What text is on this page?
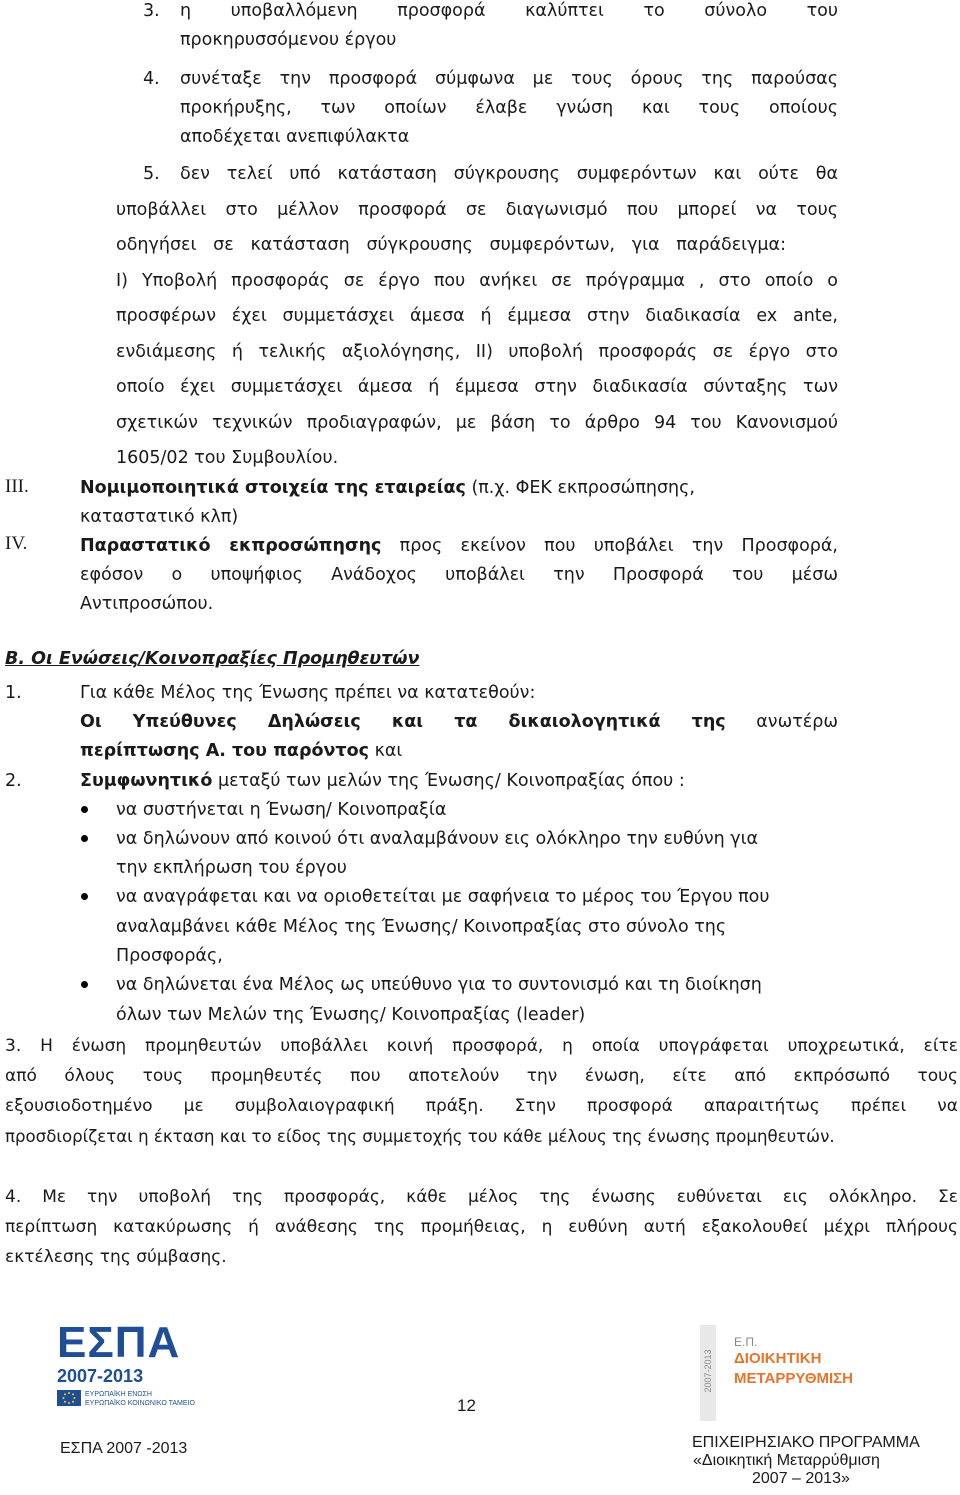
3. η υποβαλλόμενη προσφορά καλύπτει το σύνολο του
προκηρυσσόμενου έργου
4. συνέταξε την προσφορά σύμφωνα με τους όρους της παρούσας
προκήρυξης, των οποίων έλαβε γνώση και τους οποίους
αποδέχεται ανεπιφύλακτα
5. δεν τελεί υπό κατάσταση σύγκρουσης συμφερόντων και ούτε θα
υποβάλλει στο μέλλον προσφορά σε διαγωνισμό που μπορεί να τους
οδηγήσει σε κατάσταση σύγκρουσης συμφερόντων, για παράδειγμα:
I) Υποβολή προσφοράς σε έργο που ανήκει σε πρόγραμμα , στο οποίο ο
προσφέρων έχει συμμετάσχει άμεσα ή έμμεσα στην διαδικασία ex ante,
ενδιάμεσης ή τελικής αξιολόγησης, II) υποβολή προσφοράς σε έργο στο
οποίο έχει συμμετάσχει άμεσα ή έμμεσα στην διαδικασία σύνταξης των
σχετικών τεχνικών προδιαγραφών, με βάση το άρθρο 94 του Κανονισμού
1605/02 του Συμβουλίου.
III.	Νομιμοποιητικά στοιχεία της εταιρείας (π.χ. ΦΕΚ εκπροσώπησης,
καταστατικό κλπ)
IV.	Παραστατικό εκπροσώπησης προς εκείνον που υποβάλει την Προσφορά,
εφόσον ο υποψήφιος Ανάδοχος υποβάλει την Προσφορά του μέσω
Αντιπροσώπου.
Β. Οι Ενώσεις/Κοινοπραξίες Προμηθευτών
1.	Για κάθε Μέλος της Ένωσης πρέπει να κατατεθούν:
Οι Υπεύθυνες Δηλώσεις και τα δικαιολογητικά της ανωτέρω
περίπτωσης Α. του παρόντος και
2.	Συμφωνητικό μεταξύ των μελών της Ένωσης/ Κοινοπραξίας όπου :
να συστήνεται η Ένωση/ Κοινοπραξία
να δηλώνουν από κοινού ότι αναλαμβάνουν εις ολόκληρο την ευθύνη για
την εκπλήρωση του έργου
να αναγράφεται και να οριοθετείται με σαφήνεια το μέρος του Έργου που
αναλαμβάνει κάθε Μέλος της Ένωσης/ Κοινοπραξίας στο σύνολο της
Προσφοράς,
να δηλώνεται ένα Μέλος ως υπεύθυνο για το συντονισμό και τη διοίκηση
όλων των Μελών της Ένωσης/ Κοινοπραξίας (leader)
3. Η ένωση προμηθευτών υποβάλλει κοινή προσφορά, η οποία υπογράφεται υποχρεωτικά, είτε
από όλους τους προμηθευτές που αποτελούν την ένωση, είτε από εκπρόσωπό τους
εξουσιοδοτημένο με συμβολαιογραφική πράξη. Στην προσφορά απαραιτήτως πρέπει να
προσδιορίζεται η έκταση και το είδος της συμμετοχής του κάθε μέλους της ένωσης προμηθευτών.
4. Με την υποβολή της προσφοράς, κάθε μέλος της ένωσης ευθύνεται εις ολόκληρο. Σε
περίπτωση κατακύρωσης ή ανάθεσης της προμήθειας, η ευθύνη αυτή εξακολουθεί μέχρι πλήρους
εκτέλεσης της σύμβασης.
ΕΣΠΑ
2007-2013
ΕΥΡΩΠΑΪΚΗ ΕΝΩΣΗ
ΕΥΡΩΠΑΪΚΟ ΚΟΙΝΩΝΙΚΟ ΤΑΜΕΙΟ	12
2007-2013
Ε.Π.
ΔΙΟΙΚΗΤΙΚΗ
ΜΕΤΑΡΡΥΘΜΙΣΗ
ΕΣΠΑ 2007 -2013	ΕΠΙΧΕΙΡΗΣΙΑΚΟ ΠΡΟΓΡΑΜΜΑ
«Διοικητική Μεταρρύθμιση
2007 – 2013»
